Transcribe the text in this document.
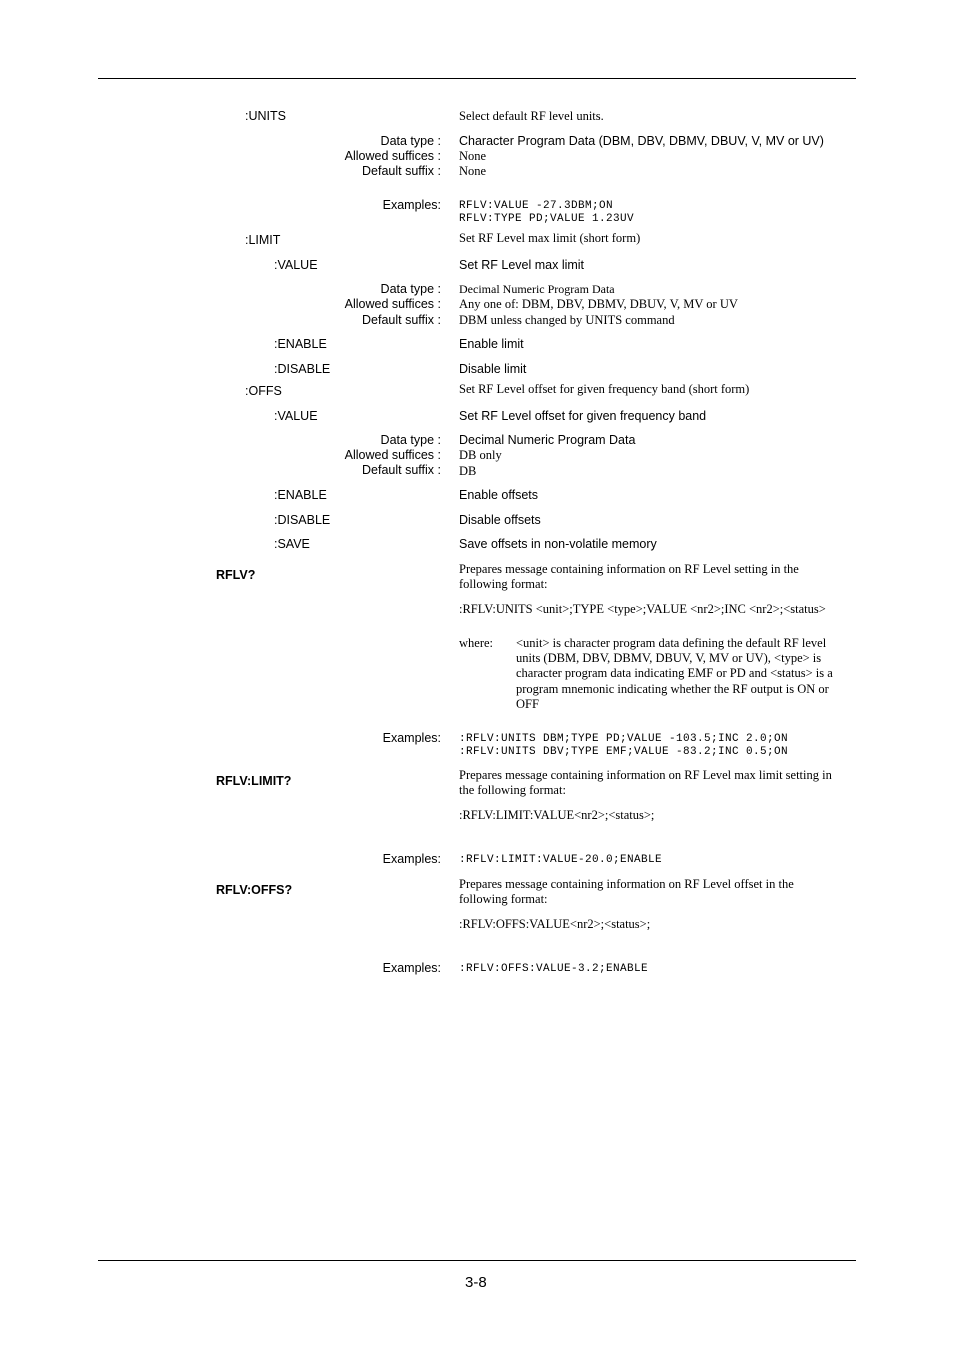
:UNITS	Select default RF level units.
Data type : Character Program Data (DBM, DBV, DBMV, DBUV, V, MV or UV)
Allowed suffices : None
Default suffix : None
Examples: RFLV:VALUE -27.3DBM;ON
RFLV:TYPE PD;VALUE 1.23UV
:LIMIT	Set RF Level max limit (short form)
:VALUE	Set RF Level max limit
Data type : Decimal Numeric Program Data
Allowed suffices : Any one of: DBM, DBV, DBMV, DBUV, V, MV or UV
Default suffix : DBM unless changed by UNITS command
:ENABLE	Enable limit
:DISABLE	Disable limit
:OFFS	Set RF Level offset for given frequency band (short form)
:VALUE	Set RF Level offset for given frequency band
Data type : Decimal Numeric Program Data
Allowed suffices : DB only
Default suffix : DB
:ENABLE	Enable offsets
:DISABLE	Disable offsets
:SAVE	Save offsets in non-volatile memory
RFLV?	Prepares message containing information on RF Level setting in the following format:
:RFLV:UNITS <unit>;TYPE <type>;VALUE <nr2>;INC <nr2>;<status>
where: <unit> is character program data defining the default RF level units (DBM, DBV, DBMV, DBUV, V, MV or UV), <type> is character program data indicating EMF or PD and <status> is a program mnemonic indicating whether the RF output is ON or OFF
Examples: :RFLV:UNITS DBM;TYPE PD;VALUE -103.5;INC 2.0;ON
:RFLV:UNITS DBV;TYPE EMF;VALUE -83.2;INC 0.5;ON
RFLV:LIMIT?	Prepares message containing information on RF Level max limit setting in the following format:
:RFLV:LIMIT:VALUE<nr2>;<status>;
Examples: :RFLV:LIMIT:VALUE-20.0;ENABLE
RFLV:OFFS?	Prepares message containing information on RF Level offset in the following format:
:RFLV:OFFS:VALUE<nr2>;<status>;
Examples: :RFLV:OFFS:VALUE-3.2;ENABLE
3-8
